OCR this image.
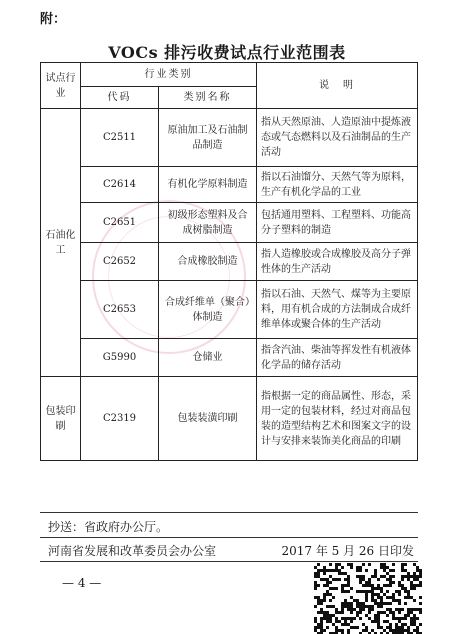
附：
VOCs 排污收费试点行业范围表
试点行业	行业类别		说　明
	代码	类别名称	
石油化工	C2511	原油加工及石油制品制造	指从天然原油、人造原油中提炼液态或气态燃料以及石油制品的生产活动
	C2614	有机化学原料制造	指以石油馏分、天然气等为原料，生产有机化学品的工业
	C2651	初级形态塑料及合成树脂制造	包括通用塑料、工程塑料、功能高分子塑料的制造
	C2652	合成橡胶制造	指人造橡胶或合成橡胶及高分子弹性体的生产活动
	C2653	合成纤维单（聚合）体制造	指以石油、天然气、煤等为主要原料，用有机合成的方法制成合成纤维单体或聚合体的生产活动
	G5990	仓储业	指含汽油、柴油等挥发性有机液体化学品的储存活动
包装印刷	C2319	包装装潢印刷	指根据一定的商品属性、形态，采用一定的包装材料，经过对商品包装的造型结构艺术和图案文字的设计与安排来装饰美化商品的印刷
抄送：省政府办公厅。
河南省发展和改革委员会办公室	2017 年 5 月 26 日印发
— 4 —
